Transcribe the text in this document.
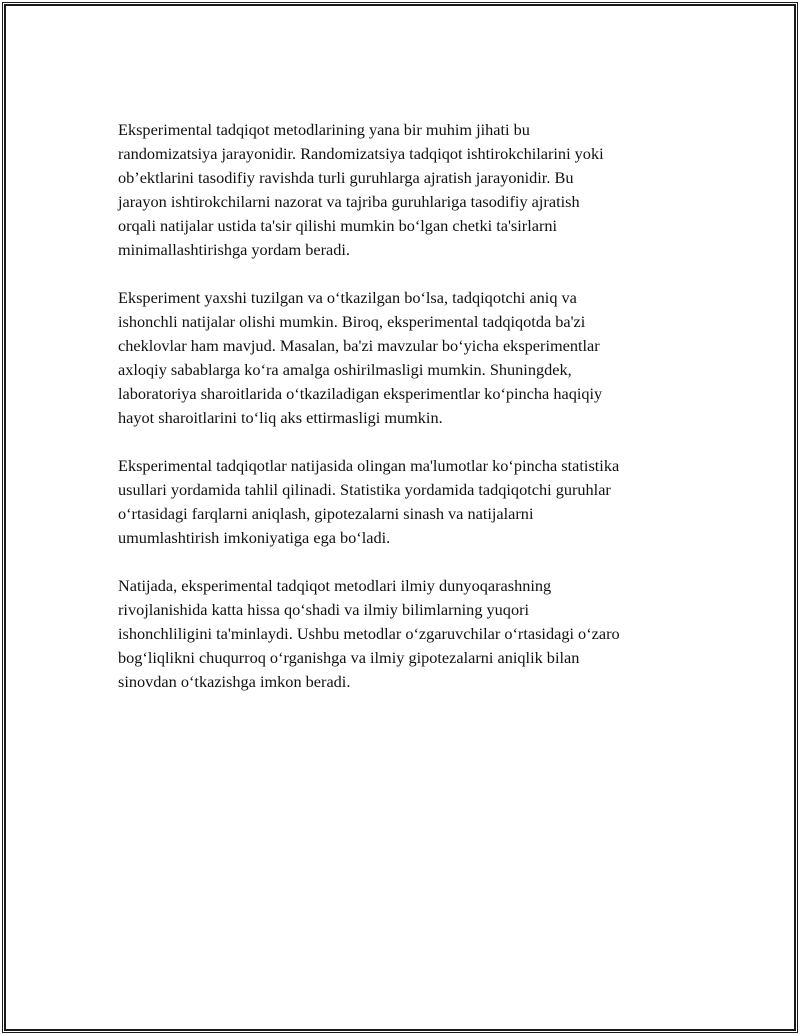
Eksperimental tadqiqot metodlarining yana bir muhim jihati bu
randomizatsiya jarayonidir. Randomizatsiya tadqiqot ishtirokchilarini yoki
ob’ektlarini tasodifiy ravishda turli guruhlarga ajratish jarayonidir. Bu
jarayon ishtirokchilarni nazorat va tajriba guruhlariga tasodifiy ajratish
orqali natijalar ustida ta'sir qilishi mumkin boʻlgan chetki ta'sirlarni
minimallashtirishga yordam beradi.

Eksperiment yaxshi tuzilgan va oʻtkazilgan boʻlsa, tadqiqotchi aniq va
ishonchli natijalar olishi mumkin. Biroq, eksperimental tadqiqotda ba'zi
cheklovlar ham mavjud. Masalan, ba'zi mavzular boʻyicha eksperimentlar
axloqiy sabablarga koʻra amalga oshirilmasligi mumkin. Shuningdek,
laboratoriya sharoitlarida oʻtkaziladigan eksperimentlar koʻpincha haqiqiy
hayot sharoitlarini toʻliq aks ettirmasligi mumkin.

Eksperimental tadqiqotlar natijasida olingan ma'lumotlar koʻpincha statistika
usullari yordamida tahlil qilinadi. Statistika yordamida tadqiqotchi guruhlar
oʻrtasidagi farqlarni aniqlash, gipotezalarni sinash va natijalarni
umumlashtirish imkoniyatiga ega boʻladi.

Natijada, eksperimental tadqiqot metodlari ilmiy dunyoqarashning
rivojlanishida katta hissa qoʻshadi va ilmiy bilimlarning yuqori
ishonchliligini ta'minlaydi. Ushbu metodlar oʻzgaruvchilar oʻrtasidagi oʻzaro
bogʻliqlikni chuqurroq oʻrganishga va ilmiy gipotezalarni aniqlik bilan
sinovdan oʻtkazishga imkon beradi.
